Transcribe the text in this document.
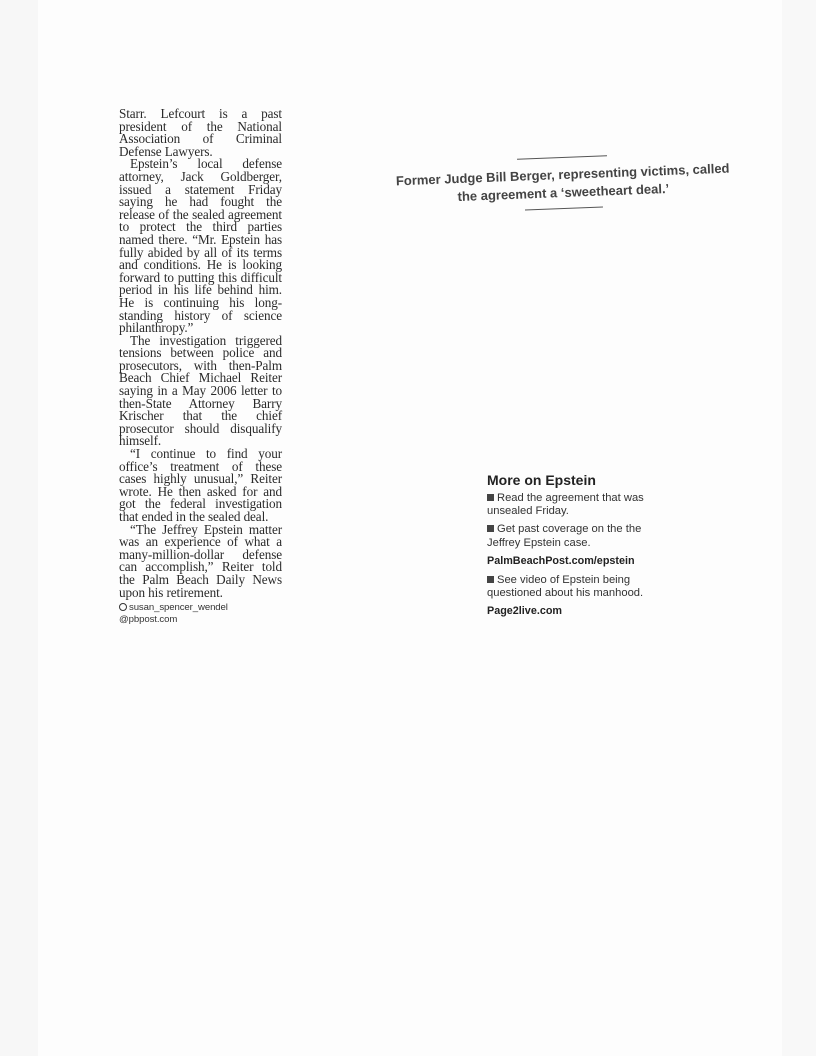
Starr. Lefcourt is a past president of the National Association of Criminal Defense Lawyers.

Epstein’s local defense attorney, Jack Goldberger, issued a statement Friday saying he had fought the release of the sealed agreement to protect the third parties named there. “Mr. Epstein has fully abided by all of its terms and conditions. He is looking forward to putting this difficult period in his life behind him. He is continuing his long-standing history of science philanthropy.”

The investigation triggered tensions between police and prosecutors, with then-Palm Beach Chief Michael Reiter saying in a May 2006 letter to then-State Attorney Barry Krischer that the chief prosecutor should disqualify himself.

“I continue to find your office’s treatment of these cases highly unusual,” Reiter wrote. He then asked for and got the federal investigation that ended in the sealed deal.

“The Jeffrey Epstein matter was an experience of what a many-million-dollar defense can accomplish,” Reiter told the Palm Beach Daily News upon his retirement.

susan_spencer_wendel
@pbpost.com
Former Judge Bill Berger, representing victims, called the agreement a ‘sweetheart deal.’
More on Epstein
Read the agreement that was unsealed Friday.
Get past coverage on the the Jeffrey Epstein case.
PalmBeachPost.com/epstein
See video of Epstein being questioned about his manhood.
Page2live.com
